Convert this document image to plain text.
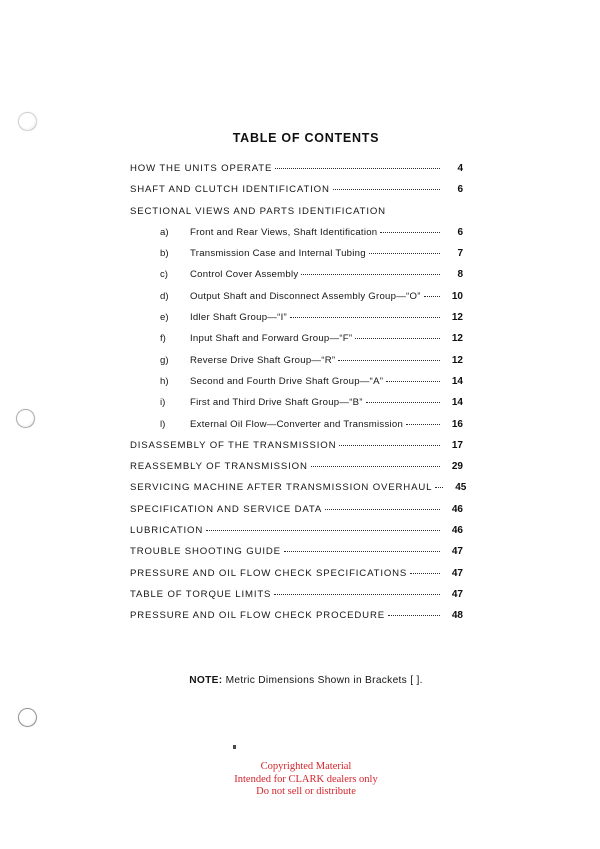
TABLE OF CONTENTS
HOW THE UNITS OPERATE	4
SHAFT AND CLUTCH IDENTIFICATION	6
SECTIONAL VIEWS AND PARTS IDENTIFICATION
a)	Front and Rear Views, Shaft Identification	6
b)	Transmission Case and Internal Tubing	7
c)	Control Cover Assembly	8
d)	Output Shaft and Disconnect Assembly Group—“O”	10
e)	Idler Shaft Group—“I”	12
f)	Input Shaft and Forward Group—“F”	12
g)	Reverse Drive Shaft Group—“R”	12
h)	Second and Fourth Drive Shaft Group—“A”	14
i)	First and Third Drive Shaft Group—“B”	14
l)	External Oil Flow—Converter and Transmission	16
DISASSEMBLY OF THE TRANSMISSION	17
REASSEMBLY OF TRANSMISSION	29
SERVICING MACHINE AFTER TRANSMISSION OVERHAUL	45
SPECIFICATION AND SERVICE DATA	46
LUBRICATION	46
TROUBLE SHOOTING GUIDE	47
PRESSURE AND OIL FLOW CHECK SPECIFICATIONS	47
TABLE OF TORQUE LIMITS	47
PRESSURE AND OIL FLOW CHECK PROCEDURE	48
NOTE: Metric Dimensions Shown in Brackets [ ].
Copyrighted Material
Intended for CLARK dealers only
Do not sell or distribute
